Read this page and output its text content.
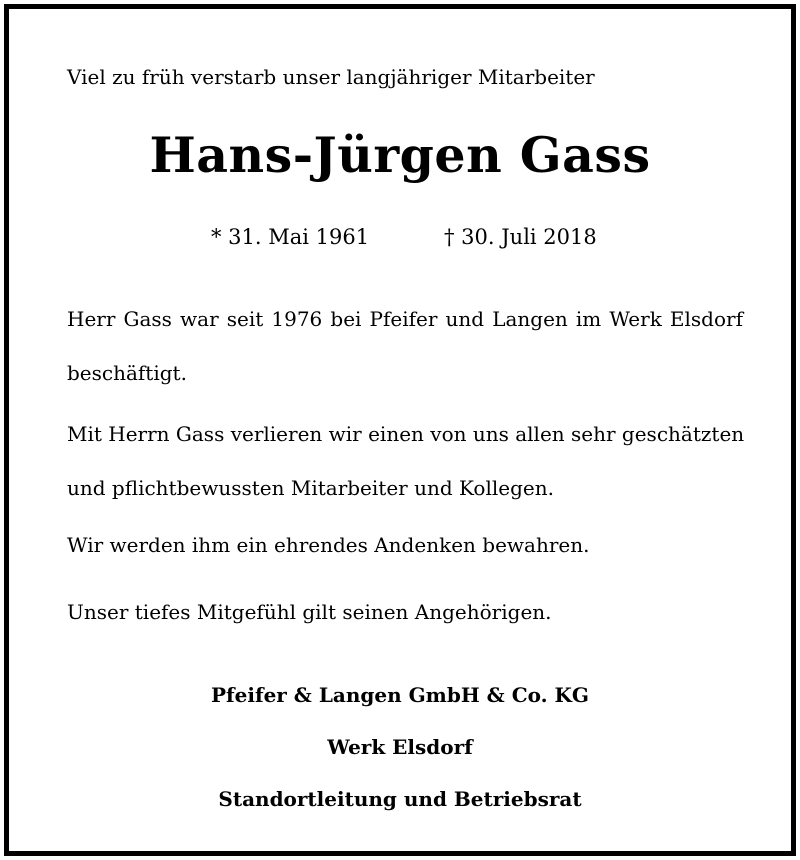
Viel zu früh verstarb unser langjähriger Mitarbeiter
Hans-Jürgen Gass
* 31. Mai 1961	† 30. Juli 2018
Herr Gass war seit 1976 bei Pfeifer und Langen im Werk Elsdorf
beschäftigt.
Mit Herrn Gass verlieren wir einen von uns allen sehr geschätzten
und pflichtbewussten Mitarbeiter und Kollegen.
Wir werden ihm ein ehrendes Andenken bewahren.
Unser tiefes Mitgefühl gilt seinen Angehörigen.
Pfeifer & Langen GmbH & Co. KG
Werk Elsdorf
Standortleitung und Betriebsrat
